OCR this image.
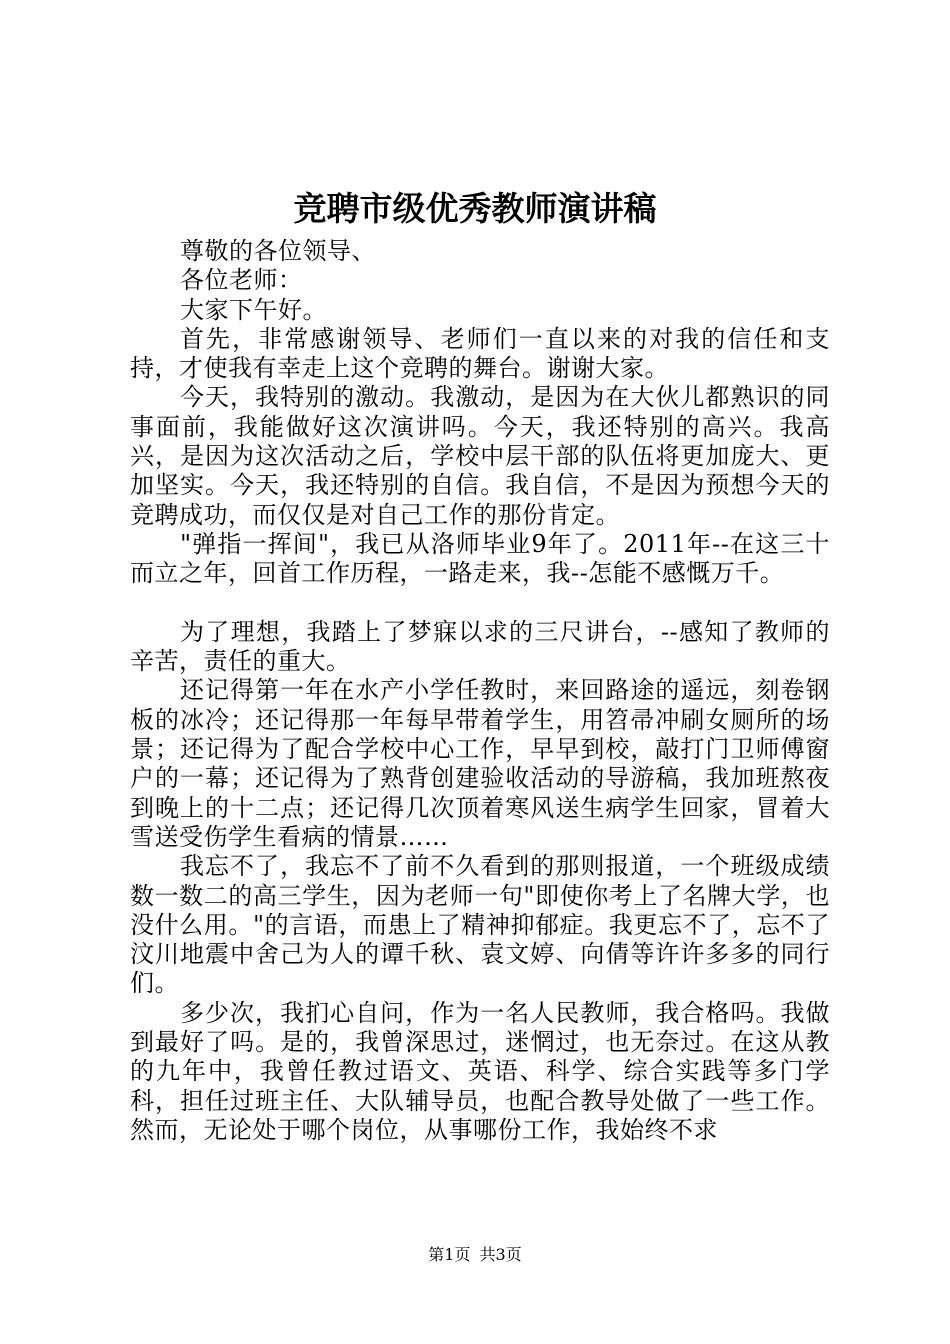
竞聘市级优秀教师演讲稿

尊敬的各位领导、

各位老师：

大家下午好。

首先，非常感谢领导、老师们一直以来的对我的信任和支持，才使我有幸走上这个竞聘的舞台。谢谢大家。

今天，我特别的激动。我激动，是因为在大伙儿都熟识的同事面前，我能做好这次演讲吗。今天，我还特别的高兴。我高兴，是因为这次活动之后，学校中层干部的队伍将更加庞大、更加坚实。今天，我还特别的自信。我自信，不是因为预想今天的竞聘成功，而仅仅是对自己工作的那份肯定。

"弹指一挥间"，我已从洛师毕业9年了。2011年--在这三十而立之年，回首工作历程，一路走来，我--怎能不感慨万千。

为了理想，我踏上了梦寐以求的三尺讲台，--感知了教师的辛苦，责任的重大。

还记得第一年在水产小学任教时，来回路途的遥远，刻卷钢板的冰冷；还记得那一年每早带着学生，用笤帚冲刷女厕所的场景；还记得为了配合学校中心工作，早早到校，敲打门卫师傅窗户的一幕；还记得为了熟背创建验收活动的导游稿，我加班熬夜到晚上的十二点；还记得几次顶着寒风送生病学生回家，冒着大雪送受伤学生看病的情景……

我忘不了，我忘不了前不久看到的那则报道，一个班级成绩数一数二的高三学生，因为老师一句"即使你考上了名牌大学，也没什么用。"的言语，而患上了精神抑郁症。我更忘不了，忘不了汶川地震中舍己为人的谭千秋、袁文婷、向倩等许许多多的同行们。

多少次，我扪心自问，作为一名人民教师，我合格吗。我做到最好了吗。是的，我曾深思过，迷惘过，也无奈过。在这从教的九年中，我曾任教过语文、英语、科学、综合实践等多门学科，担任过班主任、大队辅导员，也配合教导处做了一些工作。然而，无论处于哪个岗位，从事哪份工作，我始终不求

第1页 共3页
